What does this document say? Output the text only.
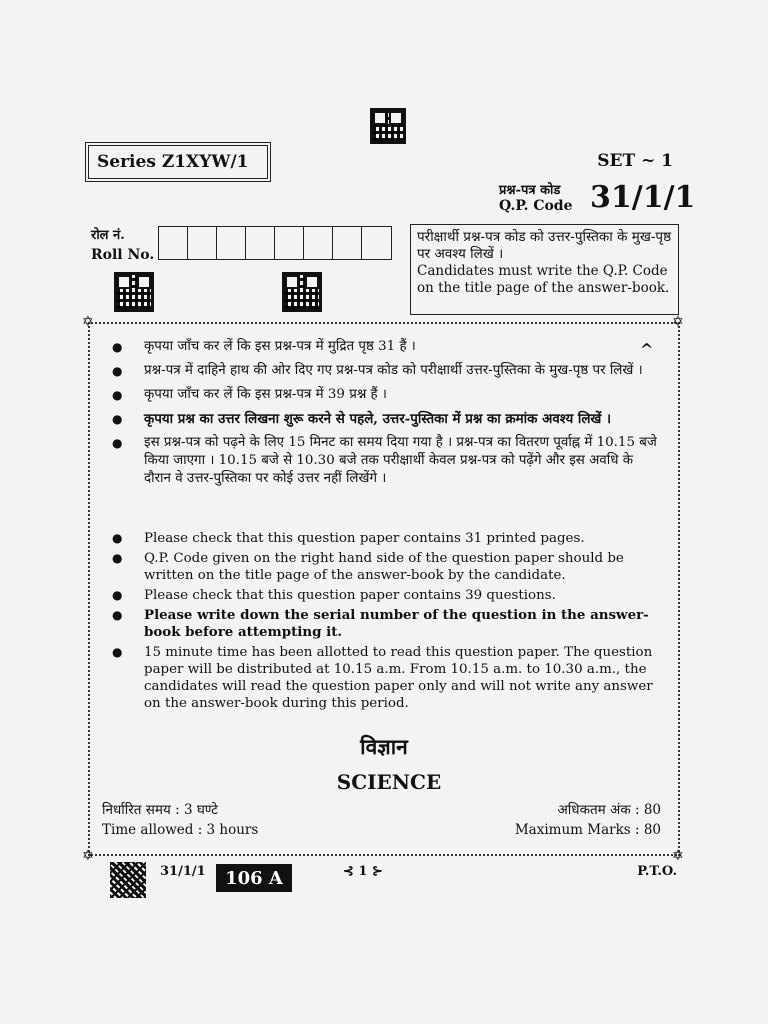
Series Z1XYW/1	SET ~ 1
प्रश्न-पत्र कोड
Q.P. Code 31/1/1
रोल नं.
Roll No.
परीक्षार्थी प्रश्न-पत्र कोड को उत्तर-पुस्तिका के मुख-पृष्ठ पर अवश्य लिखें ।
Candidates must write the Q.P. Code on the title page of the answer-book.
✡	✡
✡	✡
^
● कृपया जाँच कर लें कि इस प्रश्न-पत्र में मुद्रित पृष्ठ 31 हैं ।
● प्रश्न-पत्र में दाहिने हाथ की ओर दिए गए प्रश्न-पत्र कोड को परीक्षार्थी उत्तर-पुस्तिका के मुख-पृष्ठ पर लिखें ।
● कृपया जाँच कर लें कि इस प्रश्न-पत्र में 39 प्रश्न हैं ।
● कृपया प्रश्न का उत्तर लिखना शुरू करने से पहले, उत्तर-पुस्तिका में प्रश्न का क्रमांक अवश्य लिखें ।
● इस प्रश्न-पत्र को पढ़ने के लिए 15 मिनट का समय दिया गया है । प्रश्न-पत्र का वितरण पूर्वाह्न में 10.15 बजे किया जाएगा । 10.15 बजे से 10.30 बजे तक परीक्षार्थी केवल प्रश्न-पत्र को पढ़ेंगे और इस अवधि के दौरान वे उत्तर-पुस्तिका पर कोई उत्तर नहीं लिखेंगे ।
● Please check that this question paper contains 31 printed pages.
● Q.P. Code given on the right hand side of the question paper should be written on the title page of the answer-book by the candidate.
● Please check that this question paper contains 39 questions.
● Please write down the serial number of the question in the answer-book before attempting it.
● 15 minute time has been allotted to read this question paper. The question paper will be distributed at 10.15 a.m. From 10.15 a.m. to 10.30 a.m., the candidates will read the question paper only and will not write any answer on the answer-book during this period.
विज्ञान
SCIENCE
निर्धारित समय : 3 घण्टे
Time allowed : 3 hours
अधिकतम अंक : 80
Maximum Marks : 80
31/1/1 106 A	⊰ 1 ⊱	P.T.O.
